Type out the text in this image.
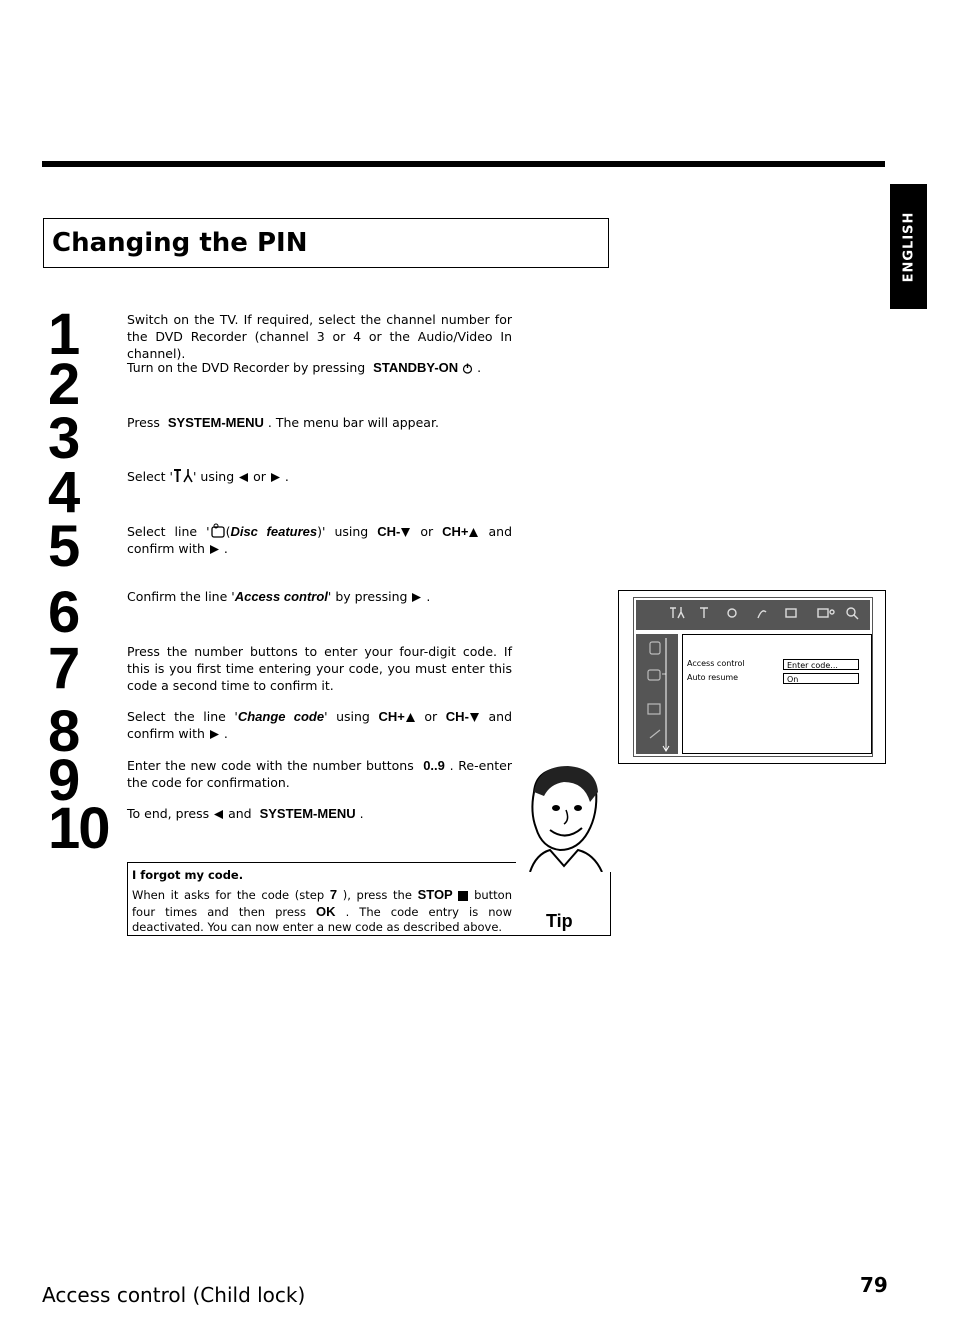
ENGLISH
Changing the PIN
1
2
3
4
5
6
7
8
9
10
Switch on the TV. If required, select the channel number for the DVD Recorder (channel 3 or 4 or the Audio/Video In channel).
Turn on the DVD Recorder by pressing  STANDBY-ON  .
Press  SYSTEM-MENU . The menu bar will appear.
Select ' ' using  or  .
Select line ' (Disc features)' using CH- or CH+ and confirm with  .
Confirm the line 'Access control' by pressing  .
Press the number buttons to enter your four-digit code. If this is you first time entering your code, you must enter this code a second time to confirm it.
Select the line 'Change code' using CH+ or CH- and confirm with  .
Enter the new code with the number buttons  0..9 . Re-enter the code for confirmation.
To end, press  and  SYSTEM-MENU .
I forgot my code.
When it asks for the code (step 7 ), press the STOP  button four times and then press OK . The code entry is now deactivated. You can now enter a new code as described above.	Tip
Access control	Enter code...
Auto resume	On
Access control (Child lock)	79
